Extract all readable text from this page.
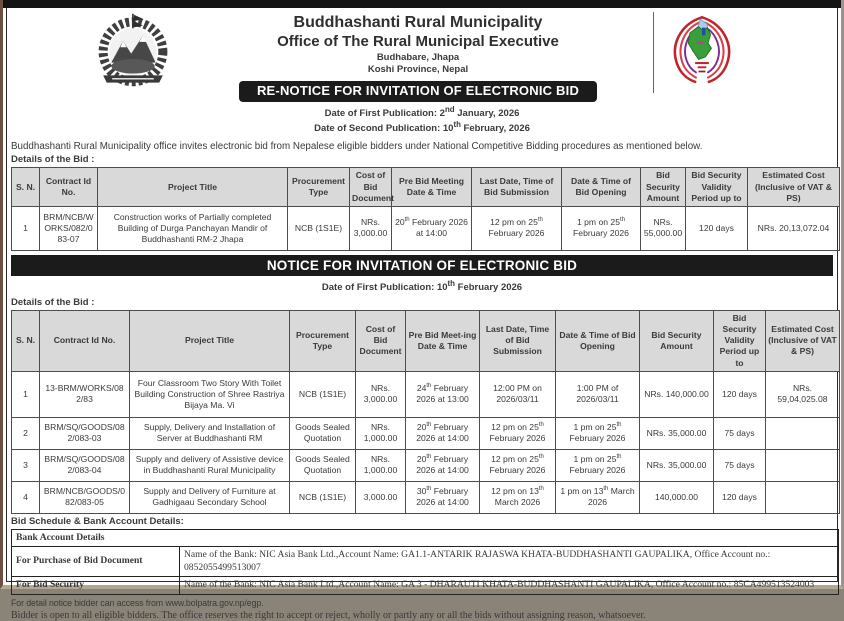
Buddhashanti Rural Municipality
Office of The Rural Municipal Executive
Budhabare, Jhapa
Koshi Province, Nepal
RE-NOTICE FOR INVITATION OF ELECTRONIC BID
Date of First Publication: 2nd January, 2026
Date of Second Publication: 10th February, 2026

Buddhashanti Rural Municipality office invites electronic bid from Nepalese eligible bidders under National Competitive Bidding procedures as mentioned below.

Details of the Bid :
S. N.	Contract Id No.	Project Title	Procurement Type	Cost of Bid Document	Pre Bid Meeting Date & Time	Last Date, Time of Bid Submission	Date & Time of Bid Opening	Bid Security Amount	Bid Security Validity Period up to	Estimated Cost (Inclusive of VAT & PS)
1	BRM/NCB/WORKS/082/083-07	Construction works of Partially completed Building of Durga Panchayan Mandir of Buddhashanti RM-2 Jhapa	NCB (1S1E)	NRs. 3,000.00	20th February 2026 at 14:00	12 pm on 25th February 2026	1 pm on 25th February 2026	NRs. 55,000.00	120 days	NRs. 20,13,072.04
NOTICE FOR INVITATION OF ELECTRONIC BID
Date of First Publication: 10th February 2026
Details of the Bid :
S. N.	Contract Id No.	Project Title	Procurement Type	Cost of Bid Document	Pre Bid Meet-ing Date & Time	Last Date, Time of Bid Submission	Date & Time of Bid Opening	Bid Security Amount	Bid Security Validity Period up to	Estimated Cost (Inclusive of VAT & PS)
1	13-BRM/WORKS/082/83	Four Classroom Two Story With Toilet Building Construction of Shree Rastriya Bijaya Ma. Vi	NCB (1S1E)	NRs. 3,000.00	24th February 2026 at 13:00	12:00 PM on 2026/03/11	1:00 PM of 2026/03/11	NRs. 140,000.00	120 days	NRs. 59,04,025.08
2	BRM/SQ/GOODS/082/083-03	Supply, Delivery and Installation of Server at Buddhashanti RM	Goods Sealed Quotation	NRs. 1,000.00	20th February 2026 at 14:00	12 pm on 25th February 2026	1 pm on 25th February 2026	NRs. 35,000.00	75 days	
3	BRM/SQ/GOODS/082/083-04	Supply and delivery of Assistive device in Buddhashanti Rural Municipality	Goods Sealed Quotation	NRs. 1,000.00	20th February 2026 at 14:00	12 pm on 25th February 2026	1 pm on 25th February 2026	NRs. 35,000.00	75 days	
4	BRM/NCB/GOODS/082/083-05	Supply and Delivery of Furniture at Gadhigaau Secondary School	NCB (1S1E)	3,000.00	30th February 2026 at 14:00	12 pm on 13th March 2026	1 pm on 13th March 2026	140,000.00	120 days	
Bid Schedule & Bank Account Details:
Bank Account Details	
For Purchase of Bid Document	Name of the Bank: NIC Asia Bank Ltd.,Account Name: GA1.1-ANTARIK RAJASWA KHATA-BUDDHASHANTI GAUPALIKA, Office Account no.: 0852055499513007
For Bid Security	Name of the Bank: NIC Asia Bank Ltd.,Account Name: GA 3 - DHARAUTI KHATA-BUDDHASHANTI GAUPALIKA, Office Account no.: 85CA499513524003
For detail notice bidder can access from www.bolpatra.gov.np/egp.
Bidder is open to all eligible bidders. The office reserves the right to accept or reject, wholly or partly any or all the bids without assigning reason, whatsoever.
